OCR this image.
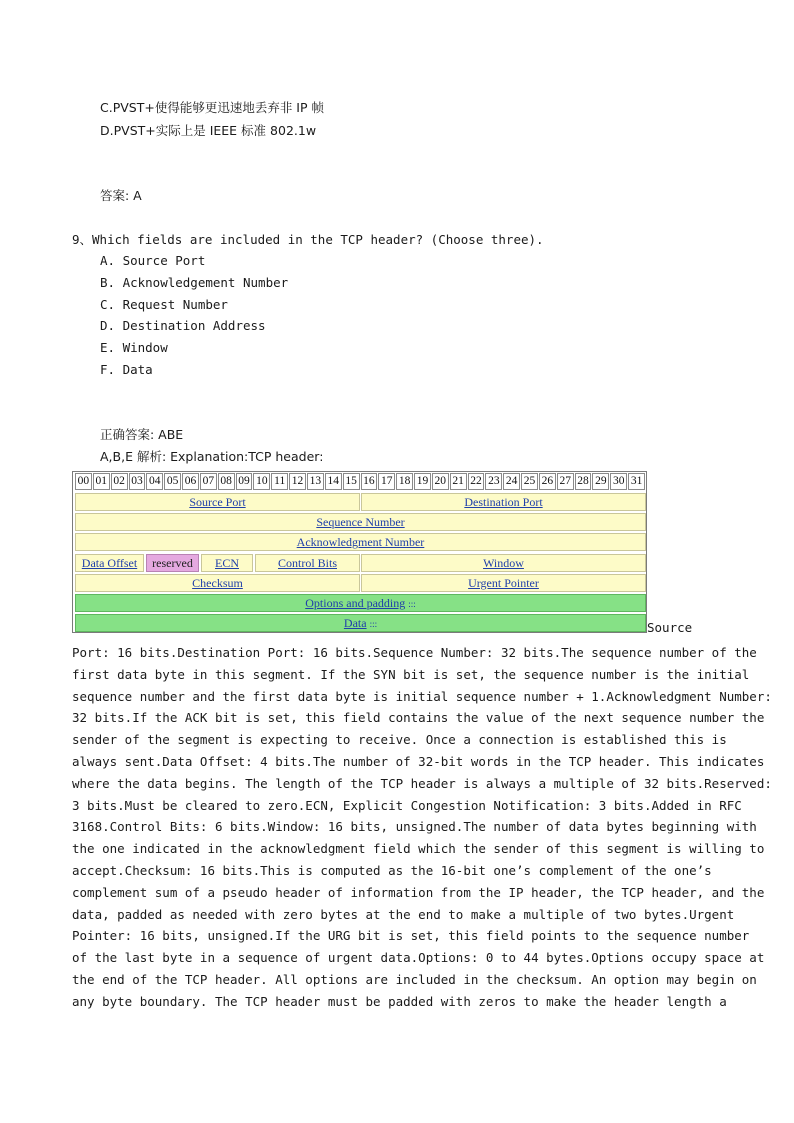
C.PVST+使得能够更迅速地丢弃非 IP 帧
D.PVST+实际上是 IEEE 标准 802.1w
答案: A
9、Which fields are included in the TCP header? (Choose three).
A. Source Port
B. Acknowledgement Number
C. Request Number
D. Destination Address
E. Window
F. Data
正确答案: ABE
A,B,E 解析: Explanation:TCP header:
00 01 02 03 04 05 06 07 08 09 10 11 12 13 14 15 16 17 18 19 20 21 22 23 24 25 26 27 28 29 30 31
Source Port	Destination Port
Sequence Number
Acknowledgment Number
Data Offset	reserved	ECN	Control Bits	Window
Checksum	Urgent Pointer
Options and padding :::
Data :::	Source
Port: 16 bits.Destination Port: 16 bits.Sequence Number: 32 bits.The sequence number of the
first data byte in this segment. If the SYN bit is set, the sequence number is the initial
sequence number and the first data byte is initial sequence number + 1.Acknowledgment Number:
32 bits.If the ACK bit is set, this field contains the value of the next sequence number the
sender of the segment is expecting to receive. Once a connection is established this is
always sent.Data Offset: 4 bits.The number of 32-bit words in the TCP header. This indicates
where the data begins. The length of the TCP header is always a multiple of 32 bits.Reserved:
3 bits.Must be cleared to zero.ECN, Explicit Congestion Notification: 3 bits.Added in RFC
3168.Control Bits: 6 bits.Window: 16 bits, unsigned.The number of data bytes beginning with
the one indicated in the acknowledgment field which the sender of this segment is willing to
accept.Checksum: 16 bits.This is computed as the 16-bit one’s complement of the one’s
complement sum of a pseudo header of information from the IP header, the TCP header, and the
data, padded as needed with zero bytes at the end to make a multiple of two bytes.Urgent
Pointer: 16 bits, unsigned.If the URG bit is set, this field points to the sequence number
of the last byte in a sequence of urgent data.Options: 0 to 44 bytes.Options occupy space at
the end of the TCP header. All options are included in the checksum. An option may begin on
any byte boundary. The TCP header must be padded with zeros to make the header length a
